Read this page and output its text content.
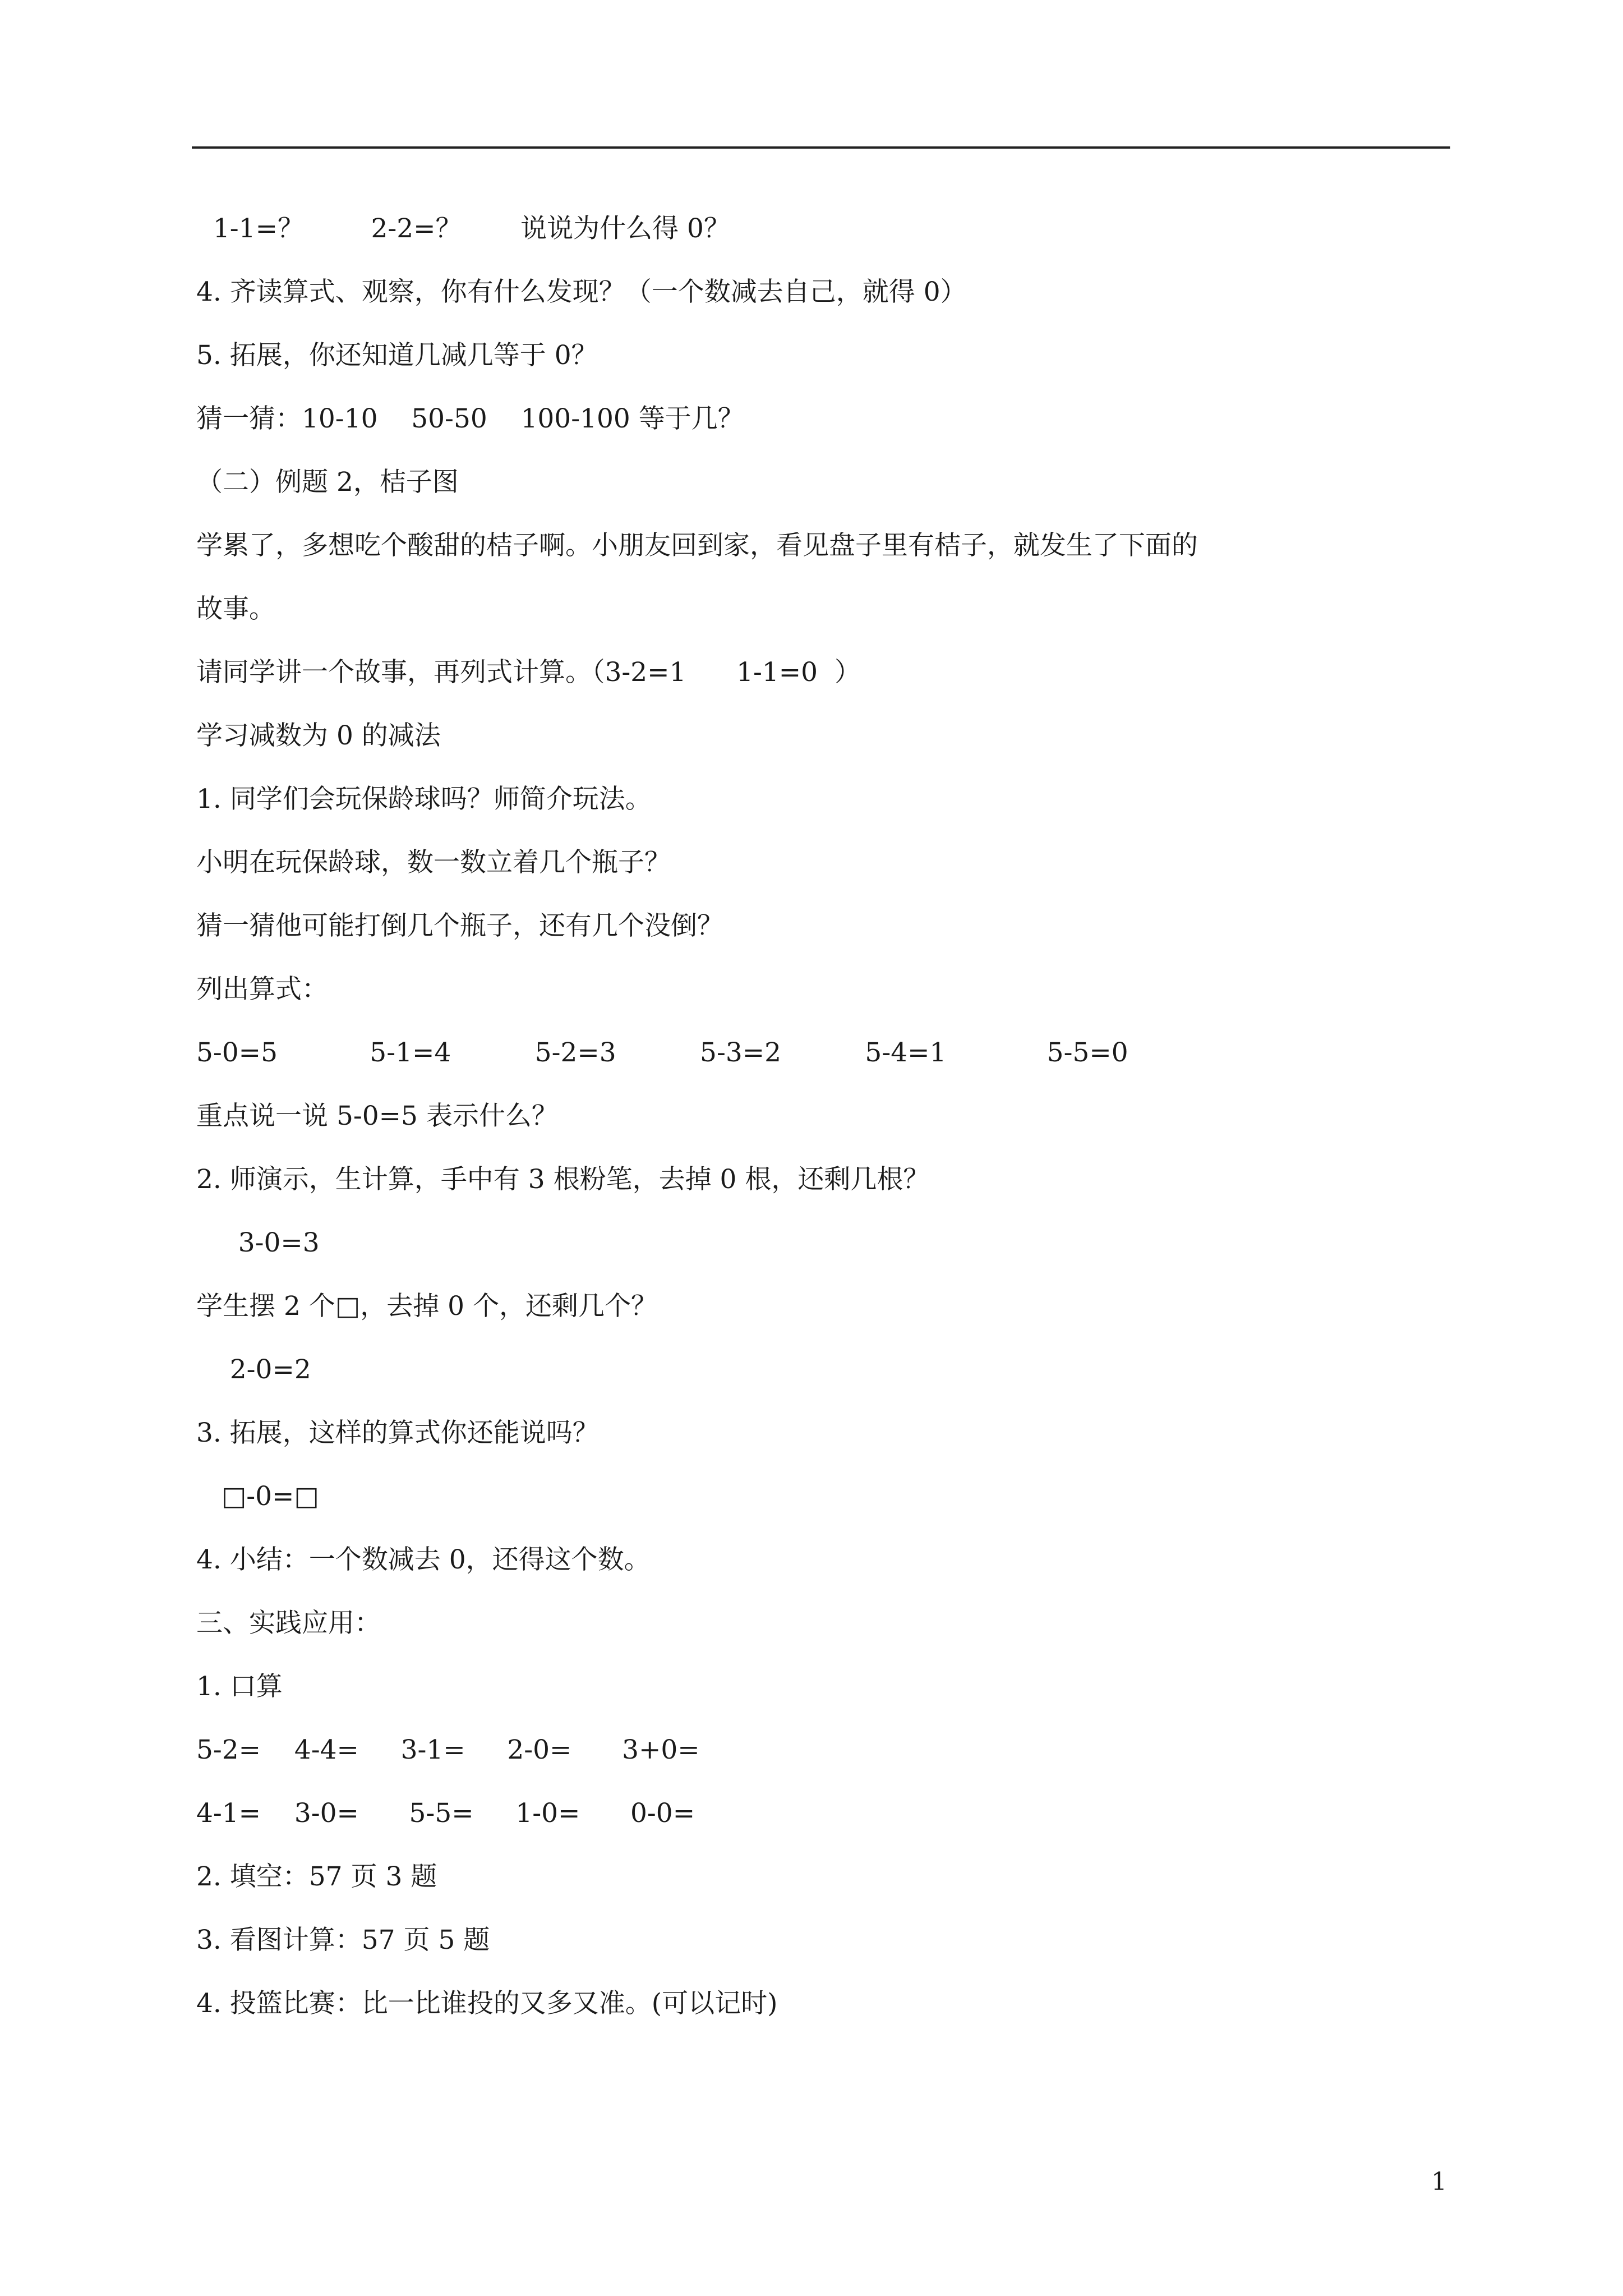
1-1=？        2-2=？       说说为什么得 0？
4. 齐读算式、观察，你有什么发现？（一个数减去自己，就得 0）
5. 拓展，你还知道几减几等于 0？
猜一猜：10-10    50-50    100-100 等于几？
（二）例题 2，桔子图
学累了，多想吃个酸甜的桔子啊。小朋友回到家，看见盘子里有桔子，就发生了下面的
故事。
请同学讲一个故事，再列式计算。（3-2=1      1-1=0  ）
学习减数为 0 的减法
1. 同学们会玩保龄球吗？师简介玩法。
小明在玩保龄球，数一数立着几个瓶子？
猜一猜他可能打倒几个瓶子，还有几个没倒？
列出算式：
5-0=5           5-1=4          5-2=3          5-3=2          5-4=1            5-5=0
重点说一说 5-0=5 表示什么？
2. 师演示，生计算，手中有 3 根粉笔，去掉 0 根，还剩几根？
3-0=3
学生摆 2 个□，去掉 0 个，还剩几个？
2-0=2
3. 拓展，这样的算式你还能说吗？
□-0=□
4. 小结：一个数减去 0，还得这个数。
三、实践应用：
1. 口算
5-2=    4-4=     3-1=     2-0=      3+0=
4-1=    3-0=      5-5=     1-0=      0-0=
2. 填空：57 页 3 题
3. 看图计算：57 页 5 题
4. 投篮比赛：比一比谁投的又多又准。(可以记时)
1
